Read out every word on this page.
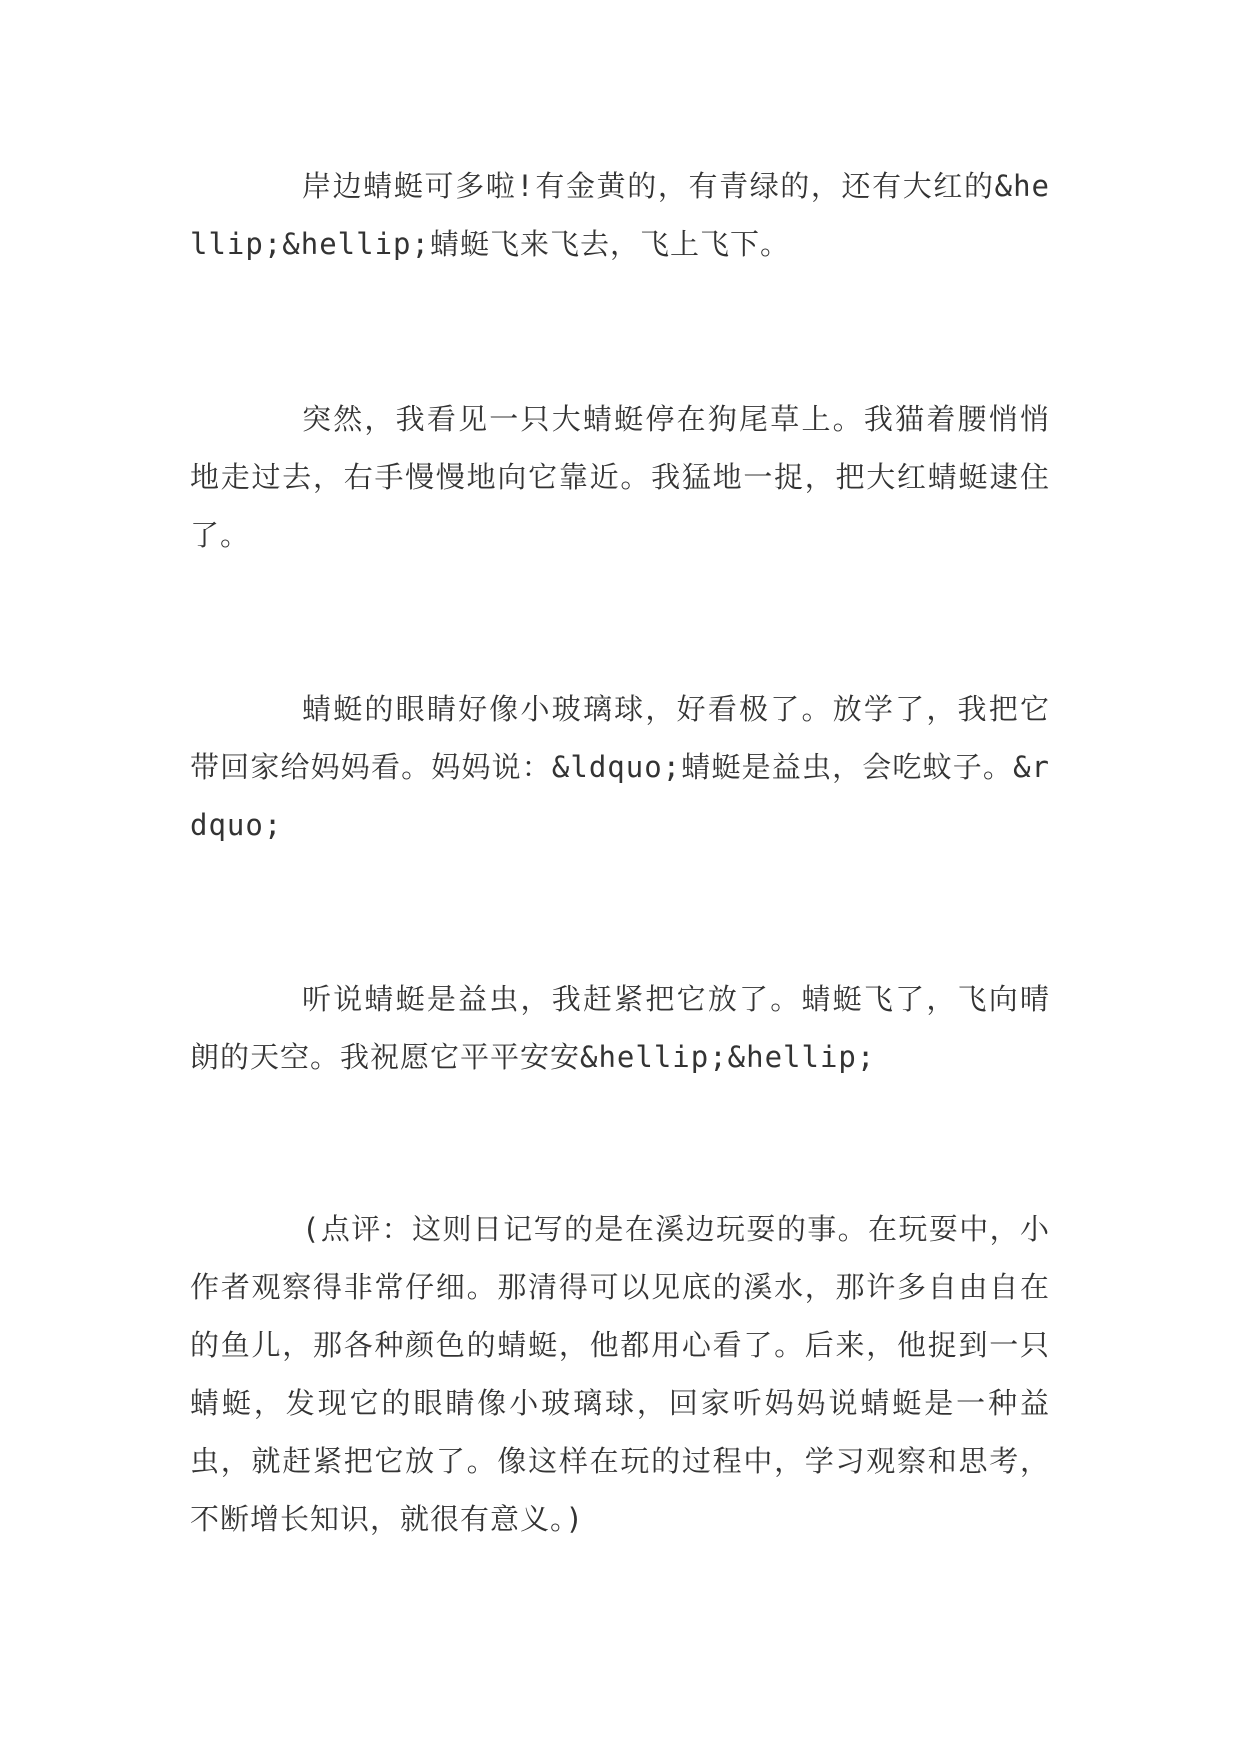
岸边蜻蜓可多啦!有金黄的，有青绿的，还有大红的&hellip;&hellip;蜻蜓飞来飞去，飞上飞下。

突然，我看见一只大蜻蜓停在狗尾草上。我猫着腰悄悄地走过去，右手慢慢地向它靠近。我猛地一捉，把大红蜻蜓逮住了。

蜻蜓的眼睛好像小玻璃球，好看极了。放学了，我把它带回家给妈妈看。妈妈说：&ldquo;蜻蜓是益虫，会吃蚊子。&rdquo;

听说蜻蜓是益虫，我赶紧把它放了。蜻蜓飞了，飞向晴朗的天空。我祝愿它平平安安&hellip;&hellip;

(点评：这则日记写的是在溪边玩耍的事。在玩耍中，小作者观察得非常仔细。那清得可以见底的溪水，那许多自由自在的鱼儿，那各种颜色的蜻蜓，他都用心看了。后来，他捉到一只蜻蜓，发现它的眼睛像小玻璃球，回家听妈妈说蜻蜓是一种益虫，就赶紧把它放了。像这样在玩的过程中，学习观察和思考，不断增长知识，就很有意义。)
